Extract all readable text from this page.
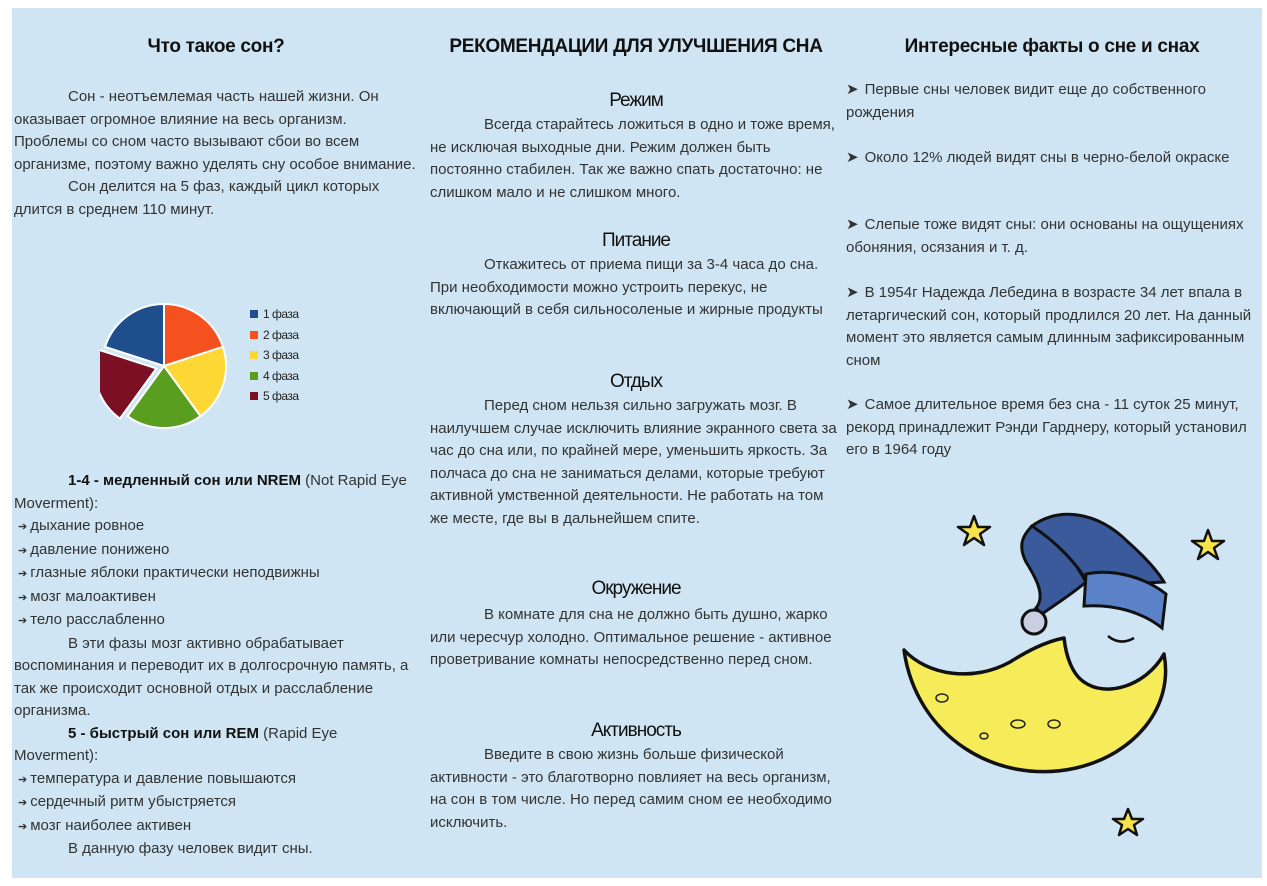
Что такое сон?

Сон - неотъемлемая часть нашей жизни. Он оказывает огромное влияние на весь организм. Проблемы со сном часто вызывают сбои во всем организме, поэтому важно уделять сну особое внимание.

Сон делится на 5 фаз, каждый цикл которых длится в среднем 110 минут.

1 фаза
2 фаза
3 фаза
4 фаза
5 фаза

1-4 - медленный сон или NREM (Not Rapid Eye Moverment):

➔ дыхание ровное
➔ давление понижено
➔ глазные яблоки практически неподвижны
➔ мозг малоактивен
➔ тело расслабленно

В эти фазы мозг активно обрабатывает воспоминания и переводит их в долгосрочную память, а так же происходит основной отдых и расслабление организма.

5 - быстрый сон или REM (Rapid Eye Moverment):

➔ температура и давление повышаются
➔ сердечный ритм убыстряется
➔ мозг наиболее активен

В данную фазу человек видит сны.

РЕКОМЕНДАЦИИ ДЛЯ УЛУЧШЕНИЯ СНА
Режим

Всегда старайтесь ложиться в одно и тоже время, не исключая выходные дни. Режим должен быть постоянно стабилен. Так же важно спать достаточно: не слишком мало и не слишком много.

Питание

Откажитесь от приема пищи за 3-4 часа до сна. При необходимости можно устроить перекус, не включающий в себя сильносоленые и жирные продукты

Отдых

Перед сном нельзя сильно загружать мозг. В наилучшем случае исключить влияние экранного света за час до сна или, по крайней мере, уменьшить яркость. За полчаса до сна не заниматься делами, которые требуют активной умственной деятельности. Не работать на том же месте, где вы в дальнейшем спите.

Окружение

В комнате для сна не должно быть душно, жарко или чересчур холодно. Оптимальное решение - активное проветривание комнаты непосредственно перед сном.

Активность

Введите в свою жизнь больше физической активности - это благотворно повлияет на весь организм, на сон в том числе. Но перед самим сном ее необходимо исключить.

Интересные факты о сне и снах

➤ Первые сны человек видит еще до собственного рождения

➤ Около 12% людей видят сны в черно-белой окраске

➤ Слепые тоже видят сны: они основаны на ощущениях обоняния, осязания и т. д.

➤ В 1954г Надежда Лебедина в возрасте 34 лет впала в летаргический сон, который продлился 20 лет. На данный момент это является самым длинным зафиксированным сном

➤ Самое длительное время без сна - 11 суток 25 минут, рекорд принадлежит Рэнди Гарднеру, который установил его в 1964 году
